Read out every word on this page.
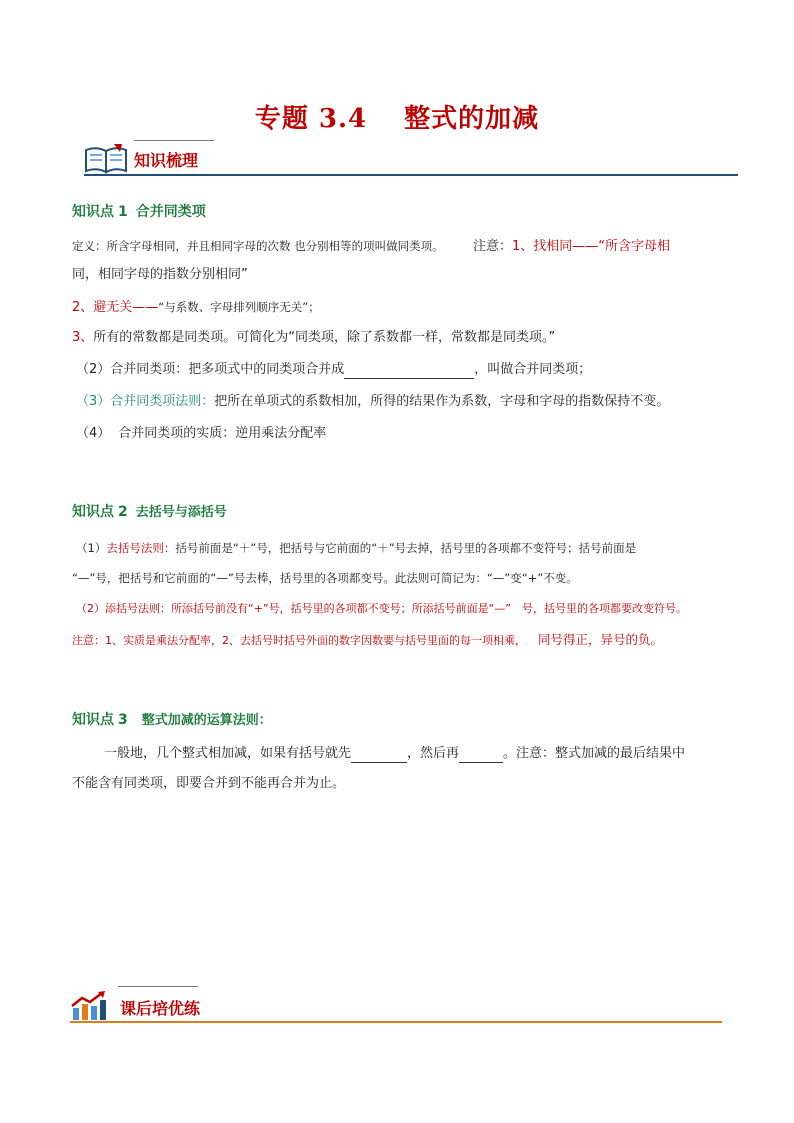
专题 3.4　 整式的加减
知识梳理
知识点 1 合并同类项
定义：所含字母相同，并且相同字母的次数 也分别相等的项叫做同类项。 注意：1、找相同——“所含字母相
同，相同字母的指数分别相同”
2、避无关——“与系数、字母排列顺序无关”；
3、所有的常数都是同类项。可简化为“同类项，除了系数都一样，常数都是同类项。”
（2）合并同类项：把多项式中的同类项合并成	，叫做合并同类项；
（3）合并同类项法则：把所在单项式的系数相加，所得的结果作为系数，字母和字母的指数保持不变。
（4） 合并同类项的实质：逆用乘法分配率
知识点 2 去括号与添括号
（1）去括号法则：括号前面是“＋”号，把括号与它前面的“＋”号去掉，括号里的各项都不变符号；括号前面是
“—”号，把括号和它前面的“—”号去棒，括号里的各项都变号。此法则可简记为：“—”变“+”不变。
（2）添括号法则：所添括号前没有“+”号，括号里的各项都不变号；所添括号前面是“—”　号，括号里的各项都要改变符号。
注意：1、实质是乘法分配率，2、去括号时括号外面的数字因数要与括号里面的每一项相乘， 同号得正，异号的负。
知识点 3 整式加减的运算法则：
一般地，几个整式相加减，如果有括号就先	，然后再	。注意：整式加减的最后结果中
不能含有同类项，即要合并到不能再合并为止。
课后培优练
